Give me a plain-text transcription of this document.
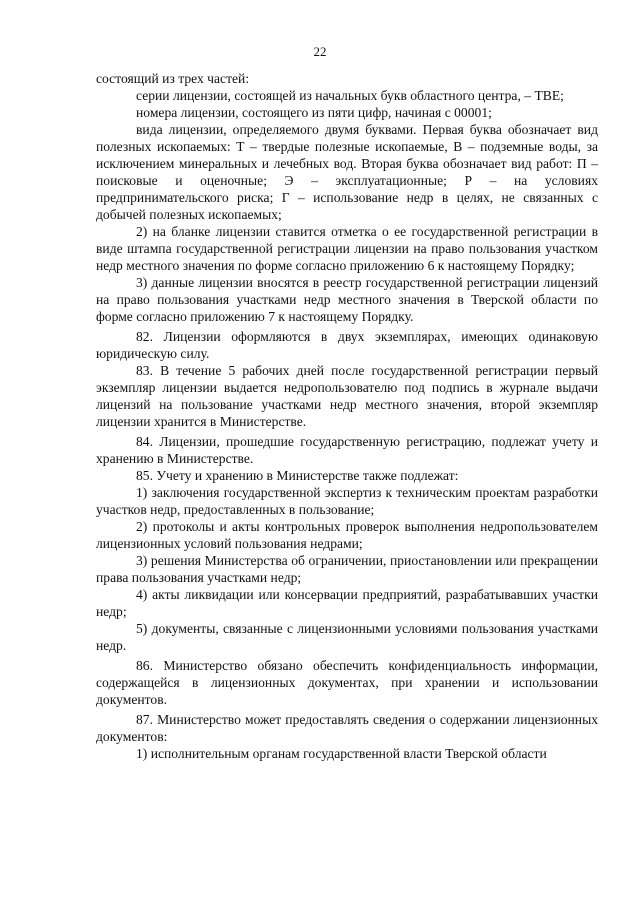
22

состоящий из трех частей:

серии лицензии, состоящей из начальных букв областного центра, – ТВЕ;

номера лицензии, состоящего из пяти цифр, начиная с 00001;

вида лицензии, определяемого двумя буквами. Первая буква обозначает вид полезных ископаемых: Т – твердые полезные ископаемые, В – подземные воды, за исключением минеральных и лечебных вод. Вторая буква обозначает вид работ: П – поисковые и оценочные; Э – эксплуатационные; Р – на условиях предпринимательского риска; Г – использование недр в целях, не связанных с добычей полезных ископаемых;

2) на бланке лицензии ставится отметка о ее государственной регистрации в виде штампа государственной регистрации лицензии на право пользования участком недр местного значения по форме согласно приложению 6 к настоящему Порядку;

3) данные лицензии вносятся в реестр государственной регистрации лицензий на право пользования участками недр местного значения в Тверской области по форме согласно приложению 7 к настоящему Порядку.

82. Лицензии оформляются в двух экземплярах, имеющих одинаковую юридическую силу.

83. В течение 5 рабочих дней после государственной регистрации первый экземпляр лицензии выдается недропользователю под подпись в журнале выдачи лицензий на пользование участками недр местного значения, второй экземпляр лицензии хранится в Министерстве.

84. Лицензии, прошедшие государственную регистрацию, подлежат учету и хранению в Министерстве.

85. Учету и хранению в Министерстве также подлежат:

1) заключения государственной экспертиз к техническим проектам разработки участков недр, предоставленных в пользование;

2) протоколы и акты контрольных проверок выполнения недропользователем лицензионных условий пользования недрами;

3) решения Министерства об ограничении, приостановлении или прекращении права пользования участками недр;

4) акты ликвидации или консервации предприятий, разрабатывавших участки недр;

5) документы, связанные с лицензионными условиями пользования участками недр.

86. Министерство обязано обеспечить конфиденциальность информации, содержащейся в лицензионных документах, при хранении и использовании документов.

87. Министерство может предоставлять сведения о содержании лицензионных документов:

1) исполнительным органам государственной власти Тверской области
